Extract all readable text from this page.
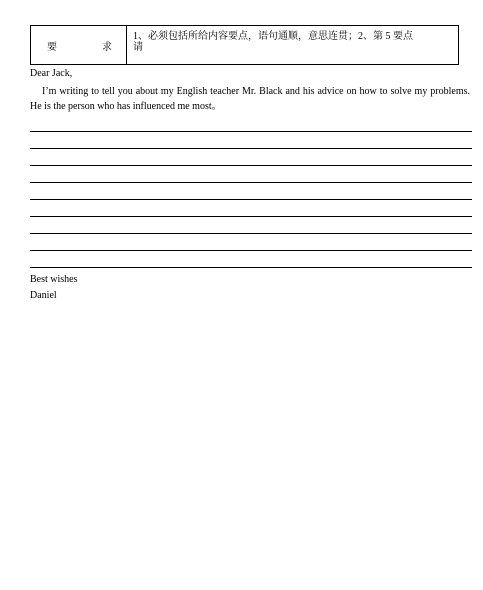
要	求
1、必须包括所给内容要点，语句通顺，意思连贯；2、第 5 要点
请
Dear Jack,
I’m writing to tell you about my English teacher Mr. Black and his advice on how to solve my problems. He is the person who has influenced me most。
Best wishes
Daniel
